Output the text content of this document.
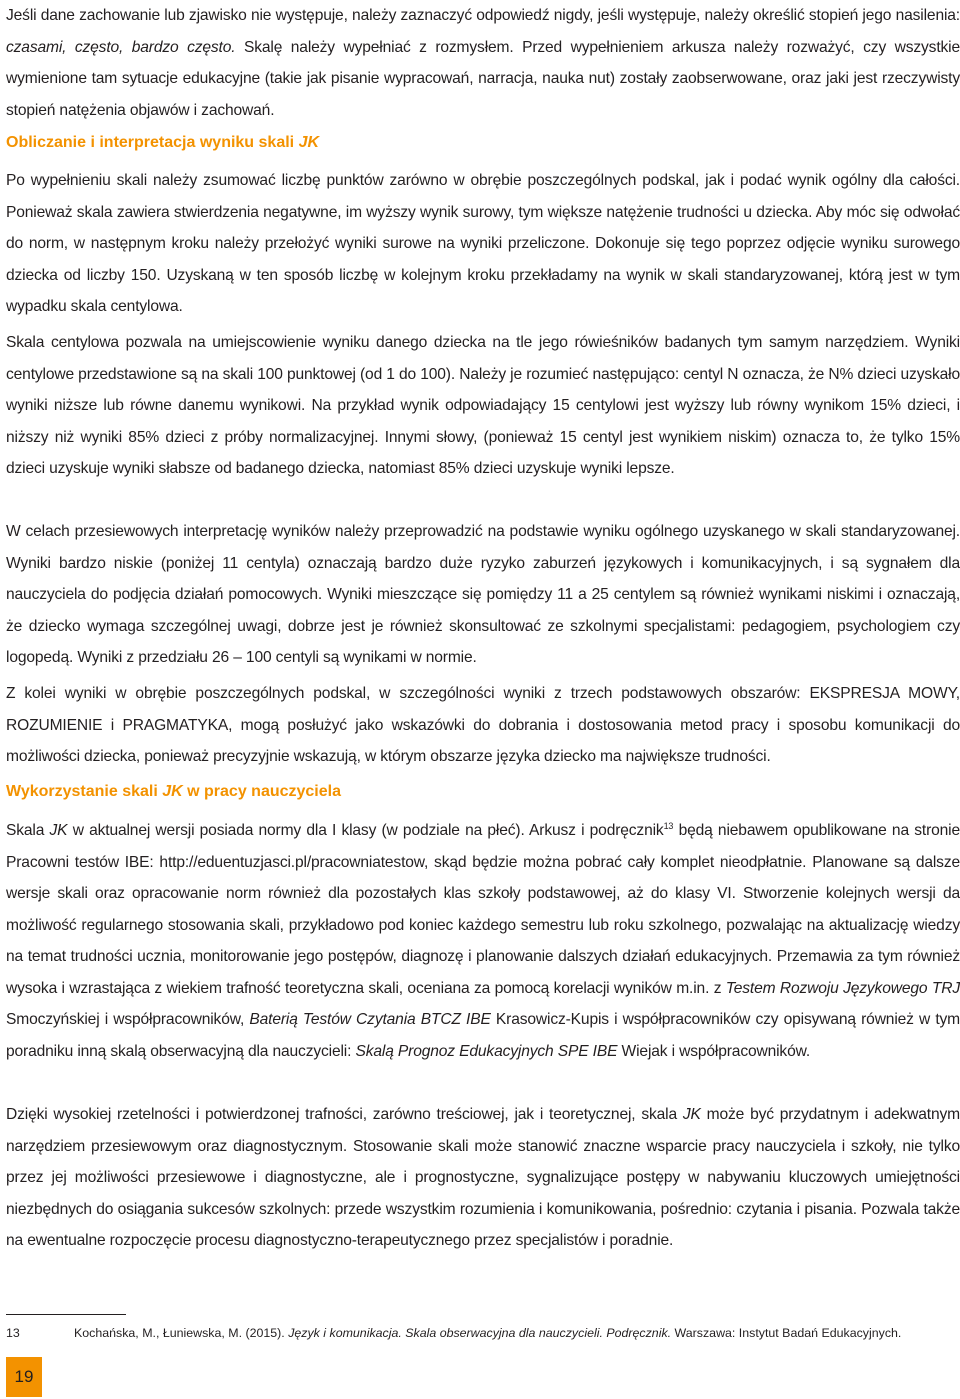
Jeśli dane zachowanie lub zjawisko nie występuje, należy zaznaczyć odpowiedź nigdy, jeśli występuje, należy określić stopień jego nasilenia: czasami, często, bardzo często. Skalę należy wypełniać z rozmysłem. Przed wypełnieniem arkusza należy rozważyć, czy wszystkie wymienione tam sytuacje edukacyjne (takie jak pisanie wypracowań, narracja, nauka nut) zostały zaobserwowane, oraz jaki jest rzeczywisty stopień natężenia objawów i zachowań.

Obliczanie i interpretacja wyniku skali JK

Po wypełnieniu skali należy zsumować liczbę punktów zarówno w obrębie poszczególnych podskal, jak i podać wynik ogólny dla całości. Ponieważ skala zawiera stwierdzenia negatywne, im wyższy wynik surowy, tym większe natężenie trudności u dziecka. Aby móc się odwołać do norm, w następnym kroku należy przełożyć wyniki surowe na wyniki przeliczone. Dokonuje się tego poprzez odjęcie wyniku surowego dziecka od liczby 150. Uzyskaną w ten sposób liczbę w kolejnym kroku przekładamy na wynik w skali standaryzowanej, którą jest w tym wypadku skala centylowa.

Skala centylowa pozwala na umiejscowienie wyniku danego dziecka na tle jego rówieśników badanych tym samym narzędziem. Wyniki centylowe przedstawione są na skali 100 punktowej (od 1 do 100). Należy je rozumieć następująco: centyl N oznacza, że N% dzieci uzyskało wyniki niższe lub równe danemu wynikowi. Na przykład wynik odpowiadający 15 centylowi jest wyższy lub równy wynikom 15% dzieci, i niższy niż wyniki 85% dzieci z próby normalizacyjnej. Innymi słowy, (ponieważ 15 centyl jest wynikiem niskim) oznacza to, że tylko 15% dzieci uzyskuje wyniki słabsze od badanego dziecka, natomiast 85% dzieci uzyskuje wyniki lepsze.

W celach przesiewowych interpretację wyników należy przeprowadzić na podstawie wyniku ogólnego uzyskanego w skali standaryzowanej. Wyniki bardzo niskie (poniżej 11 centyla) oznaczają bardzo duże ryzyko zaburzeń językowych i komunikacyjnych, i są sygnałem dla nauczyciela do podjęcia działań pomocowych. Wyniki mieszczące się pomiędzy 11 a 25 centylem są również wynikami niskimi i oznaczają, że dziecko wymaga szczególnej uwagi, dobrze jest je również skonsultować ze szkolnymi specjalistami: pedagogiem, psychologiem czy logopedą. Wyniki z przedziału 26 – 100 centyli są wynikami w normie.

Z kolei wyniki w obrębie poszczególnych podskal, w szczególności wyniki z trzech podstawowych obszarów: EKSPRESJA MOWY, ROZUMIENIE i PRAGMATYKA, mogą posłużyć jako wskazówki do dobrania i dostosowania metod pracy i sposobu komunikacji do możliwości dziecka, ponieważ precyzyjnie wskazują, w którym obszarze języka dziecko ma największe trudności.

Wykorzystanie skali JK w pracy nauczyciela

Skala JK w aktualnej wersji posiada normy dla I klasy (w podziale na płeć). Arkusz i podręcznik$^{13}$ będą niebawem opublikowane na stronie Pracowni testów IBE: http://eduentuzjasci.pl/pracowniatestow, skąd będzie można pobrać cały komplet nieodpłatnie. Planowane są dalsze wersje skali oraz opracowanie norm również dla pozostałych klas szkoły podstawowej, aż do klasy VI. Stworzenie kolejnych wersji da możliwość regularnego stosowania skali, przykładowo pod koniec każdego semestru lub roku szkolnego, pozwalając na aktualizację wiedzy na temat trudności ucznia, monitorowanie jego postępów, diagnozę i planowanie dalszych działań edukacyjnych. Przemawia za tym również wysoka i wzrastająca z wiekiem trafność teoretyczna skali, oceniana za pomocą korelacji wyników m.in. z Testem Rozwoju Językowego TRJ Smoczyńskiej i współpracowników, Baterią Testów Czytania BTCZ IBE Krasowicz-Kupis i współpracowników czy opisywaną również w tym poradniku inną skalą obserwacyjną dla nauczycieli: Skalą Prognoz Edukacyjnych SPE IBE Wiejak i współpracowników.

Dzięki wysokiej rzetelności i potwierdzonej trafności, zarówno treściowej, jak i teoretycznej, skala JK może być przydatnym i adekwatnym narzędziem przesiewowym oraz diagnostycznym. Stosowanie skali może stanowić znaczne wsparcie pracy nauczyciela i szkoły, nie tylko przez jej możliwości przesiewowe i diagnostyczne, ale i prognostyczne, sygnalizujące postępy w nabywaniu kluczowych umiejętności niezbędnych do osiągania sukcesów szkolnych: przede wszystkim rozumienia i komunikowania, pośrednio: czytania i pisania. Pozwala także na ewentualne rozpoczęcie procesu diagnostyczno-terapeutycznego przez specjalistów i poradnie.

13	Kochańska, M., Łuniewska, M. (2015). Język i komunikacja. Skala obserwacyjna dla nauczycieli. Podręcznik. Warszawa: Instytut Badań Edukacyjnych.
19
